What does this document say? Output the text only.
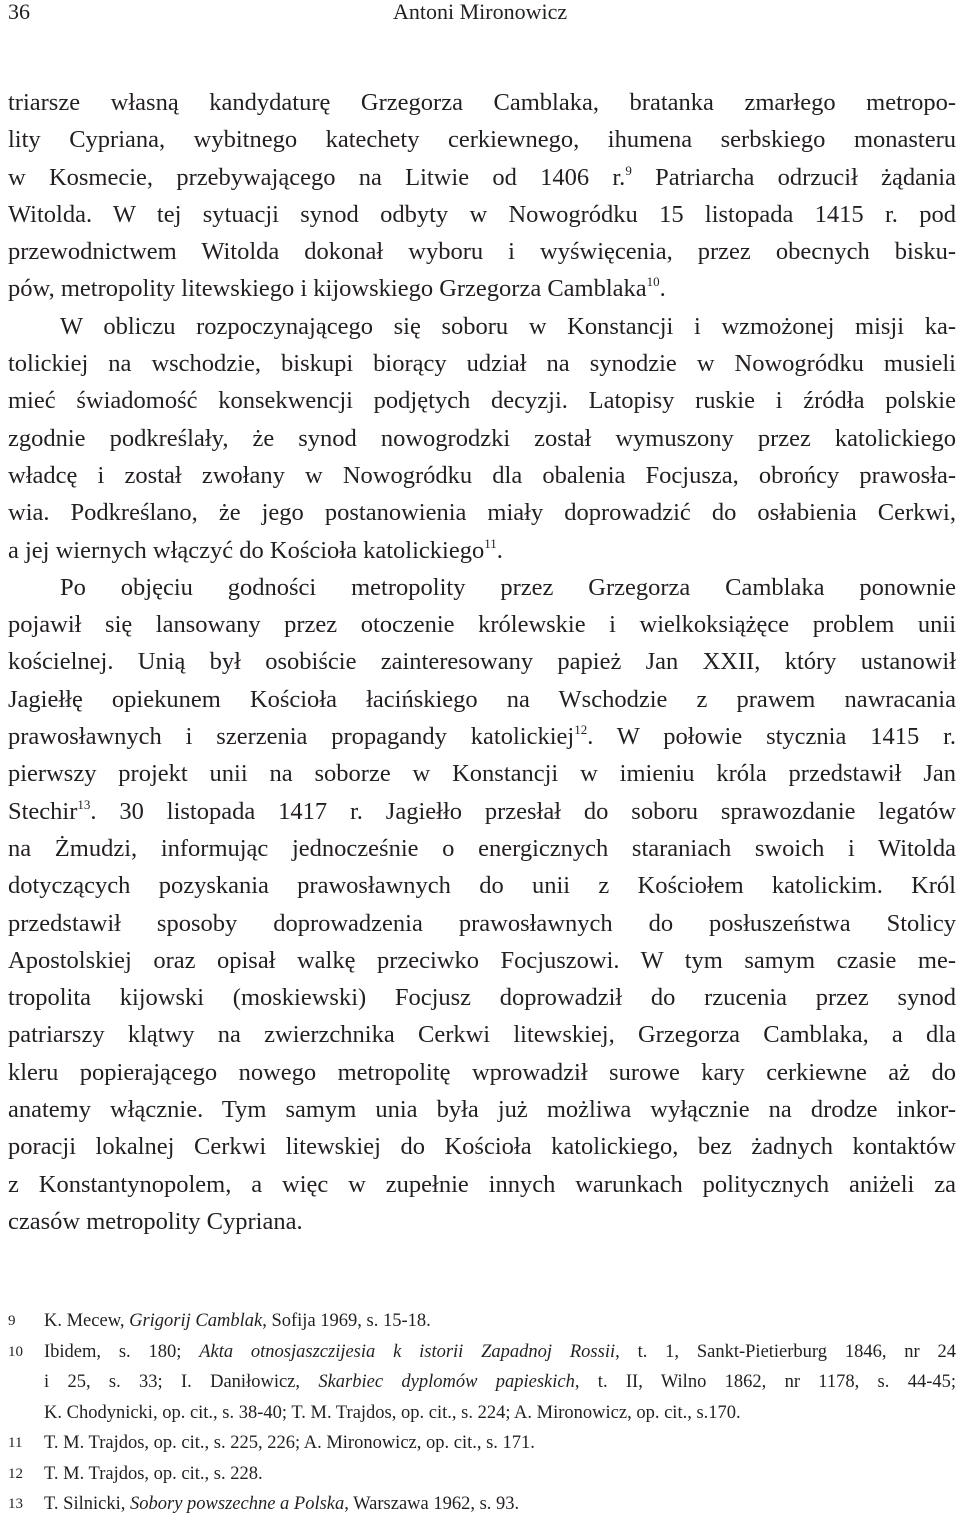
36	Antoni Mironowicz
triarsze własną kandydaturę Grzegorza Camblaka, bratanka zmarłego metropo-
lity Cypriana, wybitnego katechety cerkiewnego, ihumena serbskiego monasteru
w Kosmecie, przebywającego na Litwie od 1406 r.$^9$ Patriarcha odrzucił żądania
Witolda. W tej sytuacji synod odbyty w Nowogródku 15 listopada 1415 r. pod
przewodnictwem Witolda dokonał wyboru i wyświęcenia, przez obecnych bisku-
pów, metropolity litewskiego i kijowskiego Grzegorza Camblaka$^{10}$.
W obliczu rozpoczynającego się soboru w Konstancji i wzmożonej misji ka-
tolickiej na wschodzie, biskupi biorący udział na synodzie w Nowogródku musieli
mieć świadomość konsekwencji podjętych decyzji. Latopisy ruskie i źródła polskie
zgodnie podkreślały, że synod nowogrodzki został wymuszony przez katolickiego
władcę i został zwołany w Nowogródku dla obalenia Focjusza, obrońcy prawosła-
wia. Podkreślano, że jego postanowienia miały doprowadzić do osłabienia Cerkwi,
a jej wiernych włączyć do Kościoła katolickiego$^{11}$.
Po objęciu godności metropolity przez Grzegorza Camblaka ponownie
pojawił się lansowany przez otoczenie królewskie i wielkoksiążęce problem unii
kościelnej. Unią był osobiście zainteresowany papież Jan XXII, który ustanowił
Jagiełłę opiekunem Kościoła łacińskiego na Wschodzie z prawem nawracania
prawosławnych i szerzenia propagandy katolickiej$^{12}$. W połowie stycznia 1415 r.
pierwszy projekt unii na soborze w Konstancji w imieniu króla przedstawił Jan
Stechir$^{13}$. 30 listopada 1417 r. Jagiełło przesłał do soboru sprawozdanie legatów
na Żmudzi, informując jednocześnie o energicznych staraniach swoich i Witolda
dotyczących pozyskania prawosławnych do unii z Kościołem katolickim. Król
przedstawił sposoby doprowadzenia prawosławnych do posłuszeństwa Stolicy
Apostolskiej oraz opisał walkę przeciwko Focjuszowi. W tym samym czasie me-
tropolita kijowski (moskiewski) Focjusz doprowadził do rzucenia przez synod
patriarszy klątwy na zwierzchnika Cerkwi litewskiej, Grzegorza Camblaka, a dla
kleru popierającego nowego metropolitę wprowadził surowe kary cerkiewne aż do
anatemy włącznie. Tym samym unia była już możliwa wyłącznie na drodze inkor-
poracji lokalnej Cerkwi litewskiej do Kościoła katolickiego, bez żadnych kontaktów
z Konstantynopolem, a więc w zupełnie innych warunkach politycznych aniżeli za
czasów metropolity Cypriana.
9 K. Mecew, Grigorij Camblak, Sofija 1969, s. 15-18.
10 Ibidem, s. 180; Akta otnosjaszczijesia k istorii Zapadnoj Rossii, t. 1, Sankt-Pietierburg 1846, nr 24
i 25, s. 33; I. Daniłowicz, Skarbiec dyplomów papieskich, t. II, Wilno 1862, nr 1178, s. 44-45;
K. Chodynicki, op. cit., s. 38-40; T. M. Trajdos, op. cit., s. 224; A. Mironowicz, op. cit., s.170.
11 T. M. Trajdos, op. cit., s. 225, 226; A. Mironowicz, op. cit., s. 171.
12 T. M. Trajdos, op. cit., s. 228.
13 T. Silnicki, Sobory powszechne a Polska, Warszawa 1962, s. 93.
